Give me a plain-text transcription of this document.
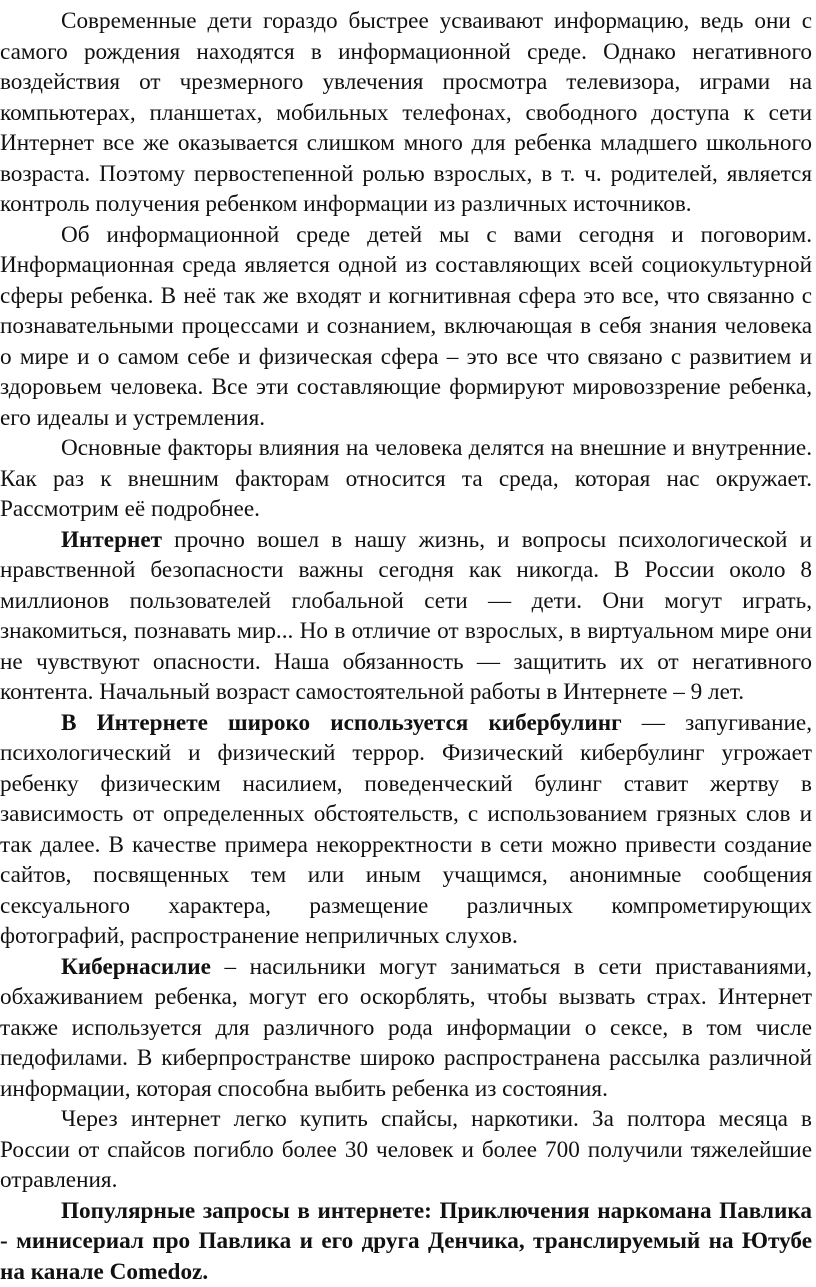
Современные дети гораздо быстрее усваивают информацию, ведь они с самого рождения находятся в информационной среде. Однако негативного воздействия от чрезмерного увлечения просмотра телевизора, играми на компьютерах, планшетах, мобильных телефонах, свободного доступа к сети Интернет все же оказывается слишком много для ребенка младшего школьного возраста. Поэтому первостепенной ролью взрослых, в т. ч. родителей, является контроль получения ребенком информации из различных источников.

Об информационной среде детей мы с вами сегодня и поговорим. Информационная среда является одной из составляющих всей социокультурной сферы ребенка. В неё так же входят и когнитивная сфера это все, что связанно с познавательными процессами и сознанием, включающая в себя знания человека о мире и о самом себе и физическая сфера – это все что связано с развитием и здоровьем человека. Все эти составляющие формируют мировоззрение ребенка, его идеалы и устремления.

Основные факторы влияния на человека делятся на внешние и внутренние. Как раз к внешним факторам относится та среда, которая нас окружает. Рассмотрим её подробнее.

Интернет прочно вошел в нашу жизнь, и вопросы психологической и нравственной безопасности важны сегодня как никогда. В России около 8 миллионов пользователей глобальной сети — дети. Они могут играть, знакомиться, познавать мир... Но в отличие от взрослых, в виртуальном мире они не чувствуют опасности. Наша обязанность — защитить их от негативного контента. Начальный возраст самостоятельной работы в Интернете – 9 лет.

В Интернете широко используется кибербулинг — запугивание, психологический и физический террор. Физический кибербулинг угрожает ребенку физическим насилием, поведенческий булинг ставит жертву в зависимость от определенных обстоятельств, с использованием грязных слов и так далее. В качестве примера некорректности в сети можно привести создание сайтов, посвященных тем или иным учащимся, анонимные сообщения сексуального характера, размещение различных компрометирующих фотографий, распространение неприличных слухов.

Кибернасилие – насильники могут заниматься в сети приставаниями, обхаживанием ребенка, могут его оскорблять, чтобы вызвать страх. Интернет также используется для различного рода информации о сексе, в том числе педофилами. В киберпространстве широко распространена рассылка различной информации, которая способна выбить ребенка из состояния.

Через интернет легко купить спайсы, наркотики. За полтора месяца в России от спайсов погибло более 30 человек и более 700 получили тяжелейшие отравления.

Популярные запросы в интернете: Приключения наркомана Павлика - минисериал про Павлика и его друга Денчика, транслируемый на Ютубе на канале Comedoz.
